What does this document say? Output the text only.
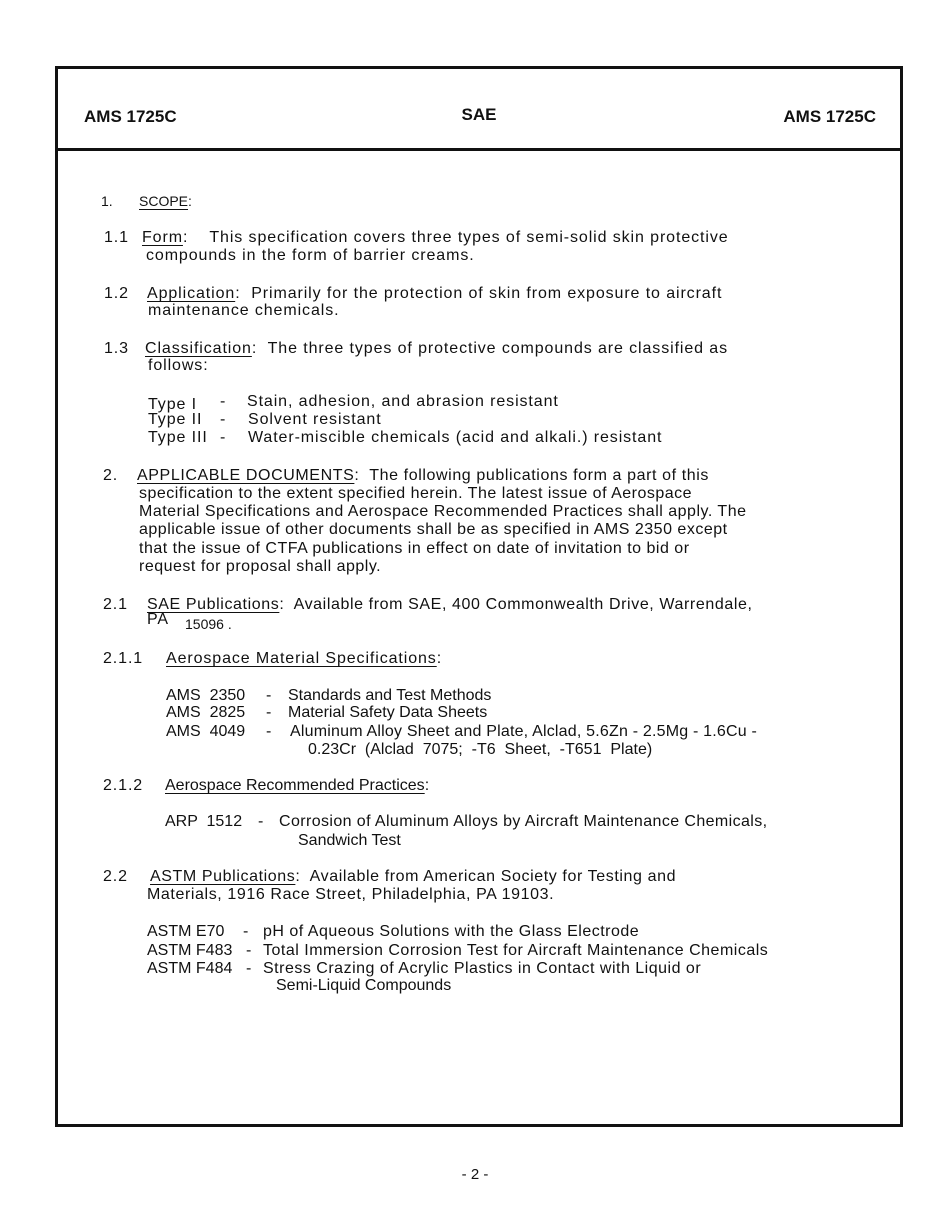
AMS 1725C	SAE	AMS 1725C
1. SCOPE:
1.1 Form:    This specification covers three types of semi-solid skin protective
compounds in the form of barrier creams.
1.2 Application:  Primarily for the protection of skin from exposure to aircraft
maintenance chemicals.
1.3 Classification:  The three types of protective compounds are classified as
follows:
Type I - Stain, adhesion, and abrasion resistant
Type II - Solvent resistant
Type III - Water-miscible chemicals (acid and alkali.) resistant
2. APPLICABLE DOCUMENTS:  The following publications form a part of this
specification to the extent specified herein. The latest issue of Aerospace
Material Specifications and Aerospace Recommended Practices shall apply. The
applicable issue of other documents shall be as specified in AMS 2350 except
that the issue of CTFA publications in effect on date of invitation to bid or
request for proposal shall apply.
2.1 SAE Publications:  Available from SAE, 400 Commonwealth Drive, Warrendale,
PA 15096 .
2.1.1 Aerospace Material Specifications:
AMS  2350 - Standards and Test Methods
AMS  2825 - Material Safety Data Sheets
AMS  4049 - Aluminum Alloy Sheet and Plate, Alclad, 5.6Zn - 2.5Mg - 1.6Cu -
0.23Cr  (Alclad  7075;  -T6  Sheet,  -T651  Plate)
2.1.2 Aerospace Recommended Practices:
ARP  1512 - Corrosion of Aluminum Alloys by Aircraft Maintenance Chemicals,
Sandwich Test
2.2 ASTM Publications:  Available from American Society for Testing and
Materials, 1916 Race Street, Philadelphia, PA 19103.
ASTM E70 - pH of Aqueous Solutions with the Glass Electrode
ASTM F483 - Total Immersion Corrosion Test for Aircraft Maintenance Chemicals
ASTM F484 - Stress Crazing of Acrylic Plastics in Contact with Liquid or
Semi-Liquid Compounds
- 2 -
